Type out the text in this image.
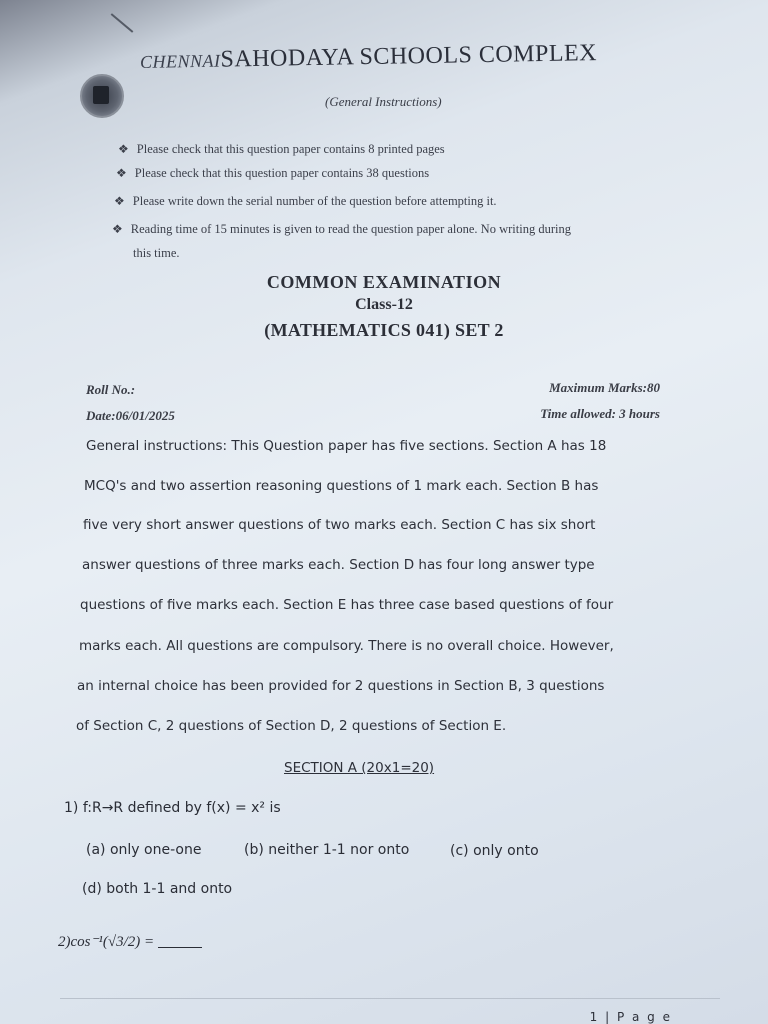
CHENNAISAHODAYA SCHOOLS COMPLEX
(General Instructions)
❖ Please check that this question paper contains 8 printed pages
❖ Please check that this question paper contains 38 questions
❖ Please write down the serial number of the question before attempting it.
❖ Reading time of 15 minutes is given to read the question paper alone. No writing during
this time.
COMMON EXAMINATION
Class-12
(MATHEMATICS 041) SET 2
Roll No.:	Maximum Marks:80
Date:06/01/2025	Time allowed: 3 hours
General instructions: This Question paper has five sections. Section A has 18
MCQ's and two assertion reasoning questions of 1 mark each. Section B has
five very short answer questions of two marks each. Section C has six short
answer questions of three marks each. Section D has four long answer type
questions of five marks each. Section E has three case based questions of four
marks each. All questions are compulsory. There is no overall choice. However,
an internal choice has been provided for 2 questions in Section B, 3 questions
of Section C, 2 questions of Section D, 2 questions of Section E.
SECTION A (20x1=20)
1) f:R→R defined by f(x) = x² is
(a) only one-one	(b) neither 1-1 nor onto	(c) only onto
(d) both 1-1 and onto
2)cos⁻¹(√3/2) =
1 | P a g e
